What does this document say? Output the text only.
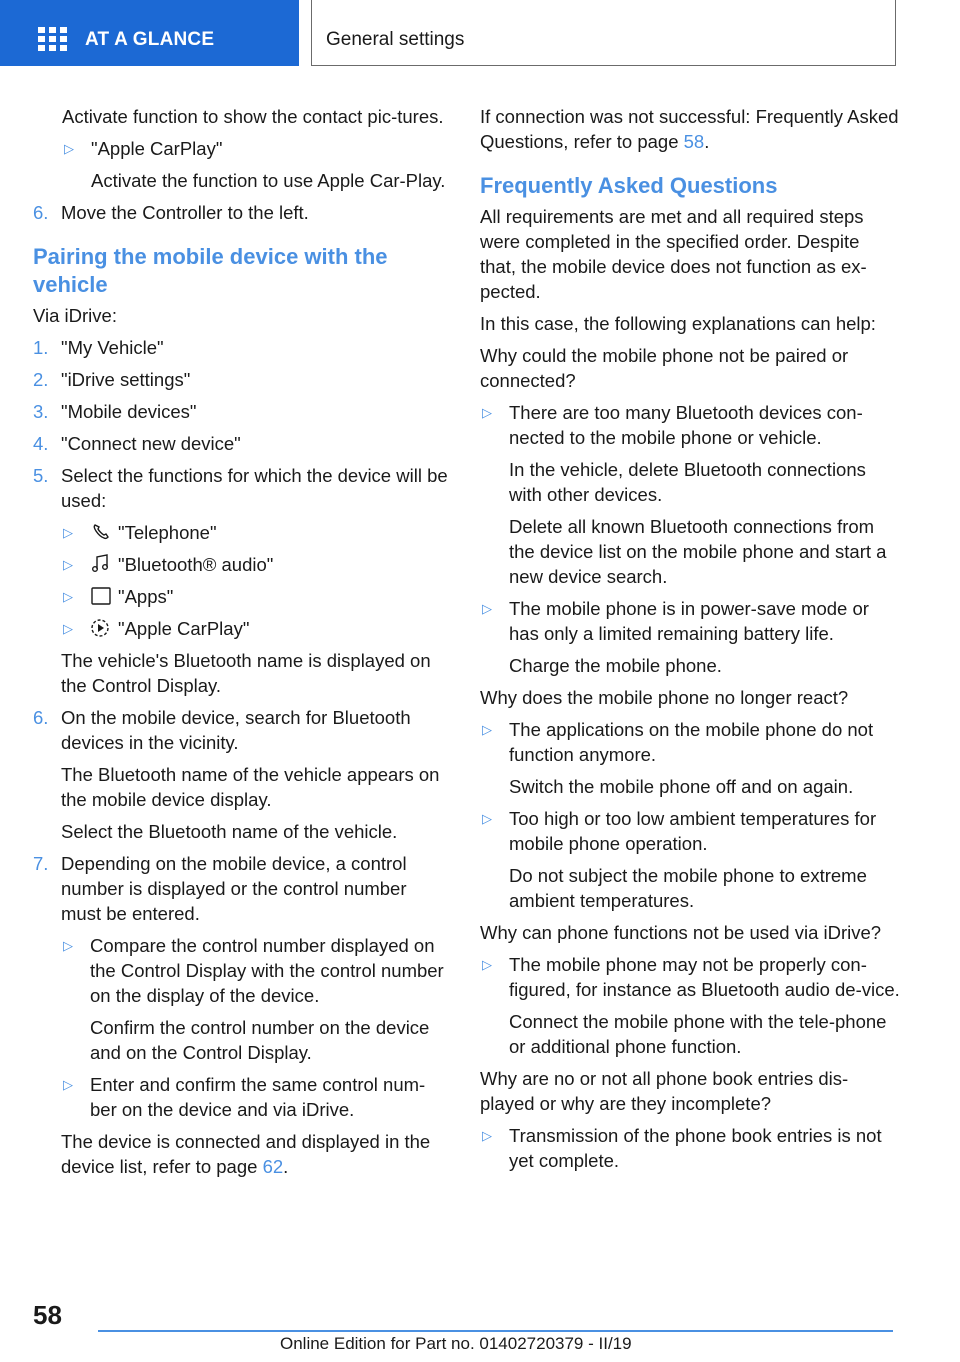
AT A GLANCE	General settings
Activate function to show the contact pic-tures.
▷ "Apple CarPlay"
Activate the function to use Apple Car-Play.
6. Move the Controller to the left.
Pairing the mobile device with the vehicle
Via iDrive:
1. "My Vehicle"
2. "iDrive settings"
3. "Mobile devices"
4. "Connect new device"
5. Select the functions for which the device will be used:
▷	"Telephone"
▷	"Bluetooth® audio"
▷	"Apps"
▷	"Apple CarPlay"
The vehicle's Bluetooth name is displayed on the Control Display.
6. On the mobile device, search for Bluetooth devices in the vicinity.
The Bluetooth name of the vehicle appears on the mobile device display.
Select the Bluetooth name of the vehicle.
7. Depending on the mobile device, a control number is displayed or the control number must be entered.
▷ Compare the control number displayed on the Control Display with the control number on the display of the device.
Confirm the control number on the device and on the Control Display.
▷ Enter and confirm the same control num-ber on the device and via iDrive.
The device is connected and displayed in the device list, refer to page 62.
If connection was not successful: Frequently Asked Questions, refer to page 58.
Frequently Asked Questions
All requirements are met and all required steps were completed in the specified order. Despite that, the mobile device does not function as ex-pected.
In this case, the following explanations can help:
Why could the mobile phone not be paired or connected?
▷ There are too many Bluetooth devices con-nected to the mobile phone or vehicle.
In the vehicle, delete Bluetooth connections with other devices.
Delete all known Bluetooth connections from the device list on the mobile phone and start a new device search.
▷ The mobile phone is in power-save mode or has only a limited remaining battery life.
Charge the mobile phone.
Why does the mobile phone no longer react?
▷ The applications on the mobile phone do not function anymore.
Switch the mobile phone off and on again.
▷ Too high or too low ambient temperatures for mobile phone operation.
Do not subject the mobile phone to extreme ambient temperatures.
Why can phone functions not be used via iDrive?
▷ The mobile phone may not be properly con-figured, for instance as Bluetooth audio de-vice.
Connect the mobile phone with the tele-phone or additional phone function.
Why are no or not all phone book entries dis-played or why are they incomplete?
▷ Transmission of the phone book entries is not yet complete.
58
Online Edition for Part no. 01402720379 - II/19
